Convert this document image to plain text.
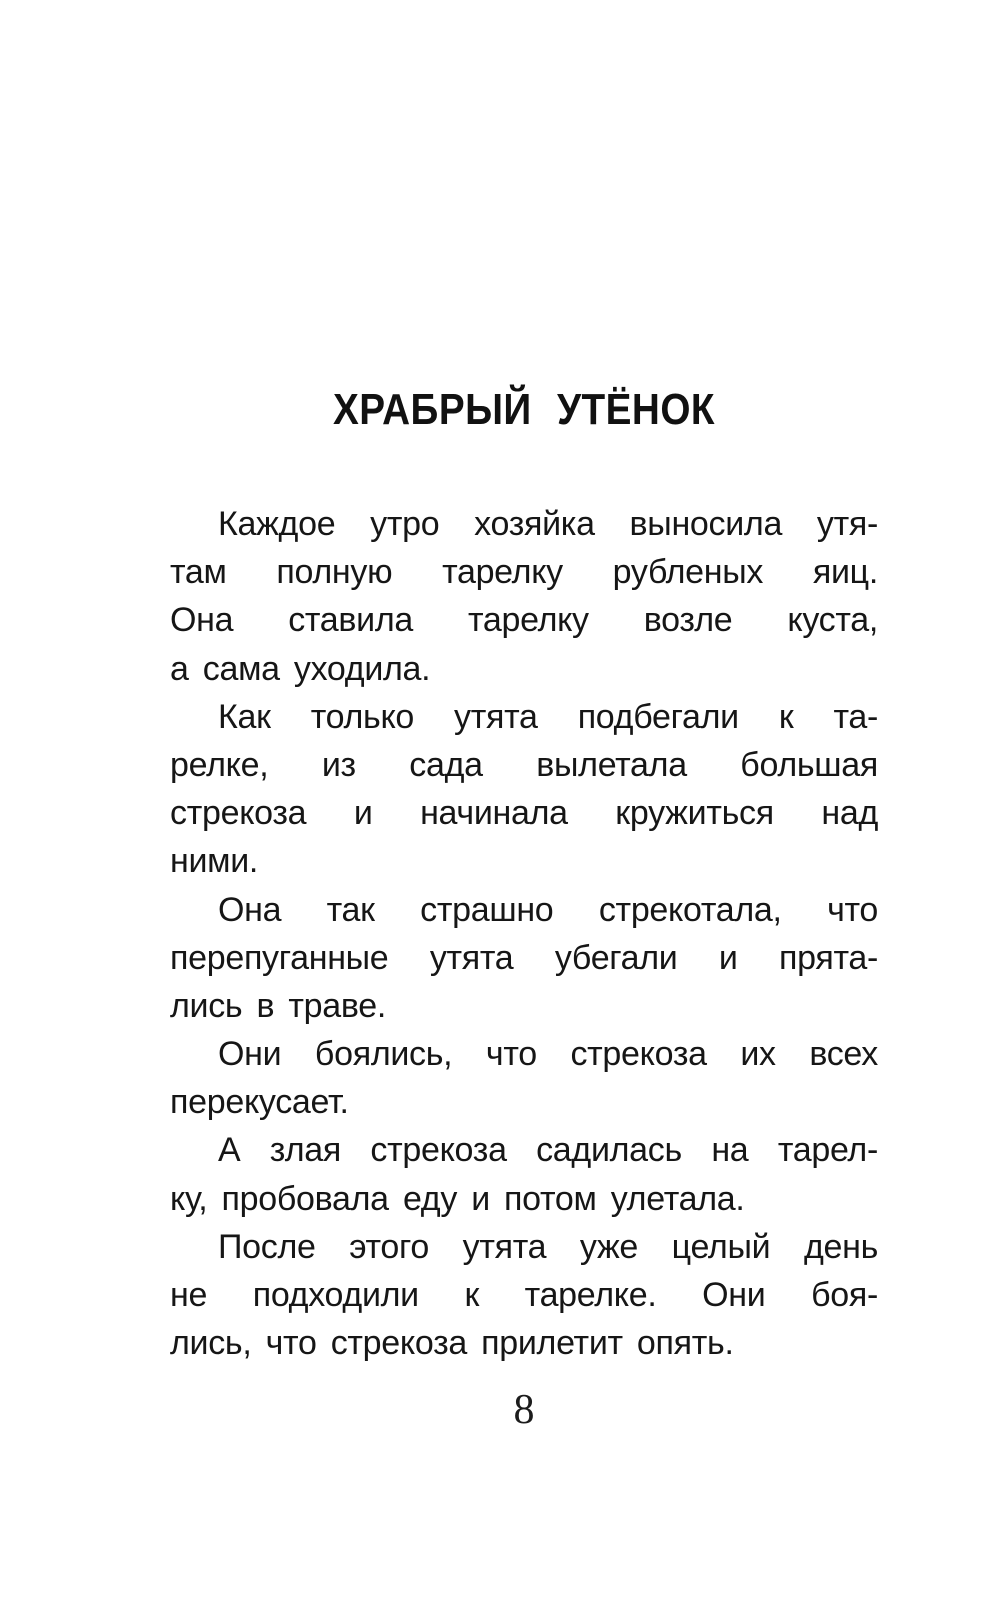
ХРАБРЫЙ УТЁНОК
Каждое утро хозяйка выносила утя-
там полную тарелку рубленых яиц.
Она ставила тарелку возле куста,
а сама уходила.
Как только утята подбегали к та-
релке, из сада вылетала большая
стрекоза и начинала кружиться над
ними.
Она так страшно стрекотала, что
перепуганные утята убегали и прята-
лись в траве.
Они боялись, что стрекоза их всех
перекусает.
А злая стрекоза садилась на тарел-
ку, пробовала еду и потом улетала.
После этого утята уже целый день
не подходили к тарелке. Они боя-
лись, что стрекоза прилетит опять.
8
